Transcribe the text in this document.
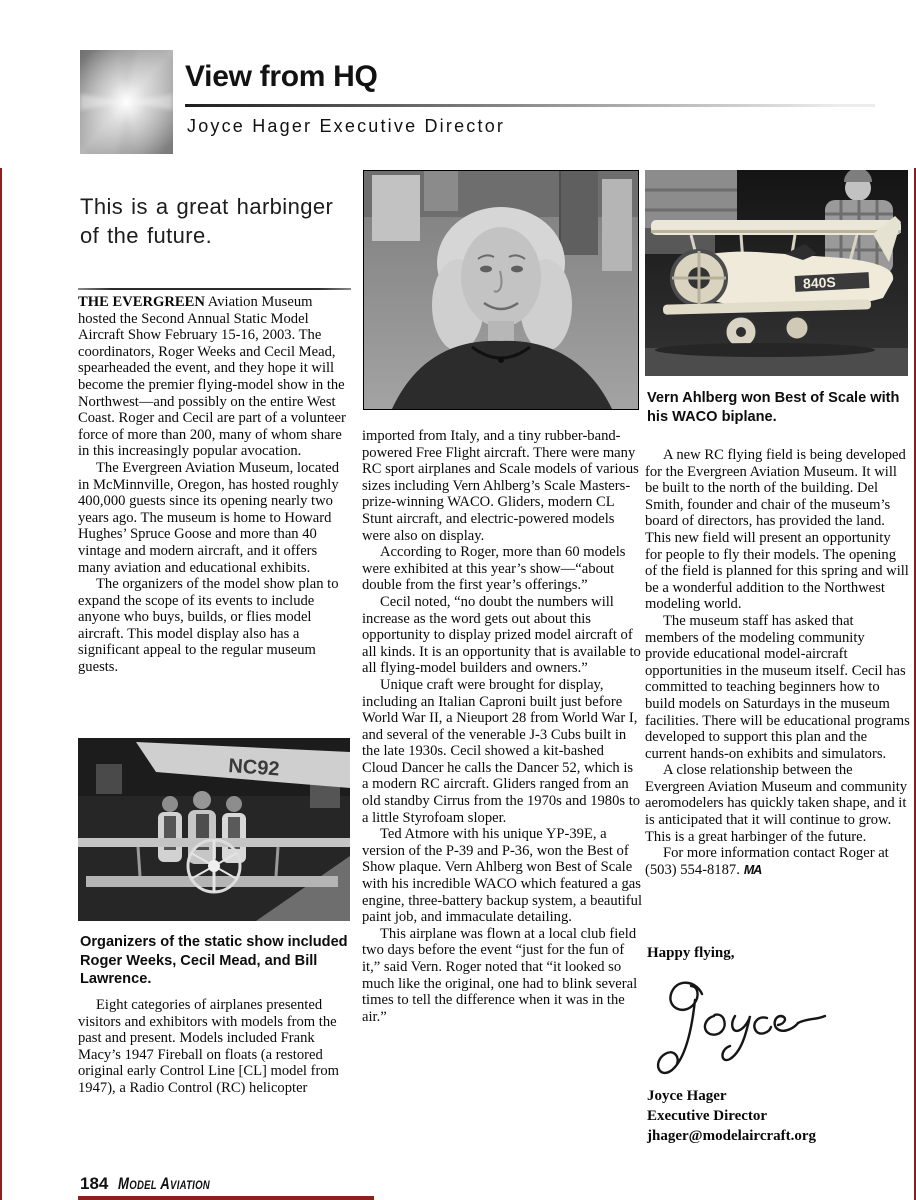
View from HQ
Joyce Hager Executive Director
This is a great harbinger of the future.

THE EVERGREEN Aviation Museum hosted the Second Annual Static Model Aircraft Show February 15-16, 2003. The coordinators, Roger Weeks and Cecil Mead, spearheaded the event, and they hope it will become the premier flying-model show in the Northwest—and possibly on the entire West Coast. Roger and Cecil are part of a volunteer force of more than 200, many of whom share in this increasingly popular avocation.

The Evergreen Aviation Museum, located in McMinnville, Oregon, has hosted roughly 400,000 guests since its opening nearly two years ago. The museum is home to Howard Hughes’ Spruce Goose and more than 40 vintage and modern aircraft, and it offers many aviation and educational exhibits.

The organizers of the model show plan to expand the scope of its events to include anyone who buys, builds, or flies model aircraft. This model display also has a significant appeal to the regular museum guests.

NC92
Organizers of the static show included Roger Weeks, Cecil Mead, and Bill Lawrence.

Eight categories of airplanes presented visitors and exhibitors with models from the past and present. Models included Frank Macy’s 1947 Fireball on floats (a restored original early Control Line [CL] model from 1947), a Radio Control (RC) helicopter

imported from Italy, and a tiny rubber-band-powered Free Flight aircraft. There were many RC sport airplanes and Scale models of various sizes including Vern Ahlberg’s Scale Masters-prize-winning WACO. Gliders, modern CL Stunt aircraft, and electric-powered models were also on display.

According to Roger, more than 60 models were exhibited at this year’s show—“about double from the first year’s offerings.”

Cecil noted, “no doubt the numbers will increase as the word gets out about this opportunity to display prized model aircraft of all kinds. It is an opportunity that is available to all flying-model builders and owners.”

Unique craft were brought for display, including an Italian Caproni built just before World War II, a Nieuport 28 from World War I, and several of the venerable J-3 Cubs built in the late 1930s. Cecil showed a kit-bashed Cloud Dancer he calls the Dancer 52, which is a modern RC aircraft. Gliders ranged from an old standby Cirrus from the 1970s and 1980s to a little Styrofoam sloper.

Ted Atmore with his unique YP-39E, a version of the P-39 and P-36, won the Best of Show plaque. Vern Ahlberg won Best of Scale with his incredible WACO which featured a gas engine, three-battery backup system, a beautiful paint job, and immaculate detailing.

This airplane was flown at a local club field two days before the event “just for the fun of it,” said Vern. Roger noted that “it looked so much like the original, one had to blink several times to tell the difference when it was in the air.”

840S
Vern Ahlberg won Best of Scale with his WACO biplane.

A new RC flying field is being developed for the Evergreen Aviation Museum. It will be built to the north of the building. Del Smith, founder and chair of the museum’s board of directors, has provided the land. This new field will present an opportunity for people to fly their models. The opening of the field is planned for this spring and will be a wonderful addition to the Northwest modeling world.

The museum staff has asked that members of the modeling community provide educational model-aircraft opportunities in the museum itself. Cecil has committed to teaching beginners how to build models on Saturdays in the museum facilities. There will be educational programs developed to support this plan and the current hands-on exhibits and simulators.

A close relationship between the Evergreen Aviation Museum and community aeromodelers has quickly taken shape, and it is anticipated that it will continue to grow. This is a great harbinger of the future.

For more information contact Roger at (503) 554-8187. MA

Happy flying,
Joyce Hager
Executive Director
jhager@modelaircraft.org
184 Model Aviation
